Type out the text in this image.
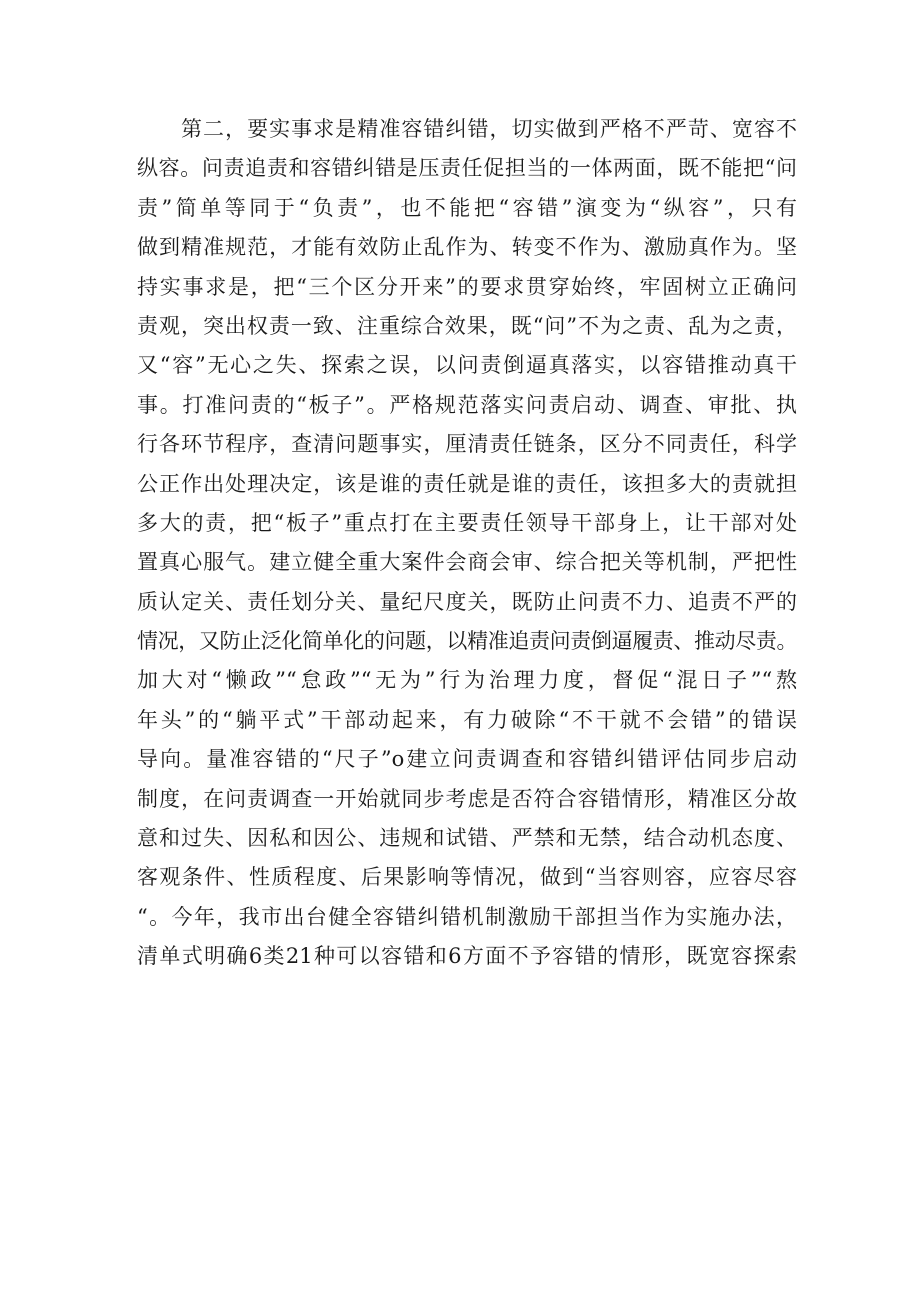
第二，要实事求是精准容错纠错，切实做到严格不严苛、宽容不
纵容。问责追责和容错纠错是压责任促担当的一体两面，既不能把“问
责”简单等同于“负责”，也不能把“容错”演变为“纵容”，只有
做到精准规范，才能有效防止乱作为、转变不作为、激励真作为。坚
持实事求是，把“三个区分开来”的要求贯穿始终，牢固树立正确问
责观，突出权责一致、注重综合效果，既“问”不为之责、乱为之责，
又“容”无心之失、探索之误，以问责倒逼真落实，以容错推动真干
事。打准问责的“板子”。严格规范落实问责启动、调查、审批、执
行各环节程序，查清问题事实，厘清责任链条，区分不同责任，科学
公正作出处理决定，该是谁的责任就是谁的责任，该担多大的责就担
多大的责，把“板子”重点打在主要责任领导干部身上，让干部对处
置真心服气。建立健全重大案件会商会审、综合把关等机制，严把性
质认定关、责任划分关、量纪尺度关，既防止问责不力、追责不严的
情况，又防止泛化简单化的问题，以精准追责问责倒逼履责、推动尽责。
加大对“懒政”“怠政”“无为”行为治理力度，督促“混日子”“熬
年头”的“躺平式”干部动起来，有力破除“不干就不会错”的错误
导向。量准容错的“尺子”o建立问责调查和容错纠错评估同步启动
制度，在问责调查一开始就同步考虑是否符合容错情形，精准区分故
意和过失、因私和因公、违规和试错、严禁和无禁，结合动机态度、
客观条件、性质程度、后果影响等情况，做到“当容则容，应容尽容
“。今年，我市出台健全容错纠错机制激励干部担当作为实施办法，
清单式明确6类21种可以容错和6方面不予容错的情形，既宽容探索
